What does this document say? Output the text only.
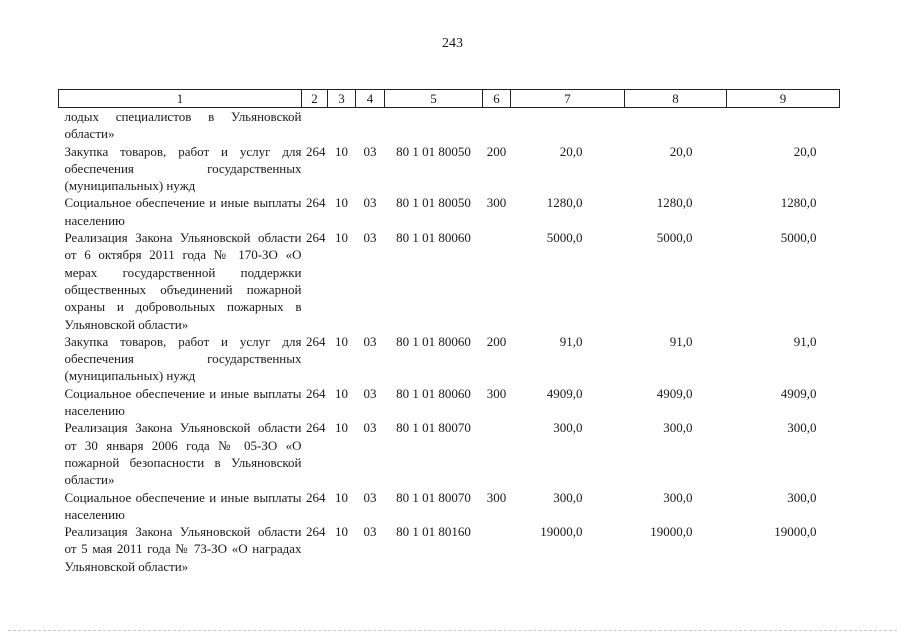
243
1	2	3	4	5	6	7	8	9
лодых специалистов в Ульяновской области»								
Закупка товаров, работ и услуг для обеспечения государственных (муниципальных) нужд	264	10	03	80 1 01 80050	200	20,0	20,0	20,0
Социальное обеспечение и иные выплаты населению	264	10	03	80 1 01 80050	300	1280,0	1280,0	1280,0
Реализация Закона Ульяновской области от 6 октября 2011 года № 170-ЗО «О мерах государственной поддержки общественных объединений пожарной охраны и добровольных пожарных в Ульяновской области»	264	10	03	80 1 01 80060		5000,0	5000,0	5000,0
Закупка товаров, работ и услуг для обеспечения государственных (муниципальных) нужд	264	10	03	80 1 01 80060	200	91,0	91,0	91,0
Социальное обеспечение и иные выплаты населению	264	10	03	80 1 01 80060	300	4909,0	4909,0	4909,0
Реализация Закона Ульяновской области от 30 января 2006 года № 05-ЗО «О пожарной безопасности в Ульяновской области»	264	10	03	80 1 01 80070		300,0	300,0	300,0
Социальное обеспечение и иные выплаты населению	264	10	03	80 1 01 80070	300	300,0	300,0	300,0
Реализация Закона Ульяновской области от 5 мая 2011 года № 73-ЗО «О наградах Ульяновской области»	264	10	03	80 1 01 80160		19000,0	19000,0	19000,0
